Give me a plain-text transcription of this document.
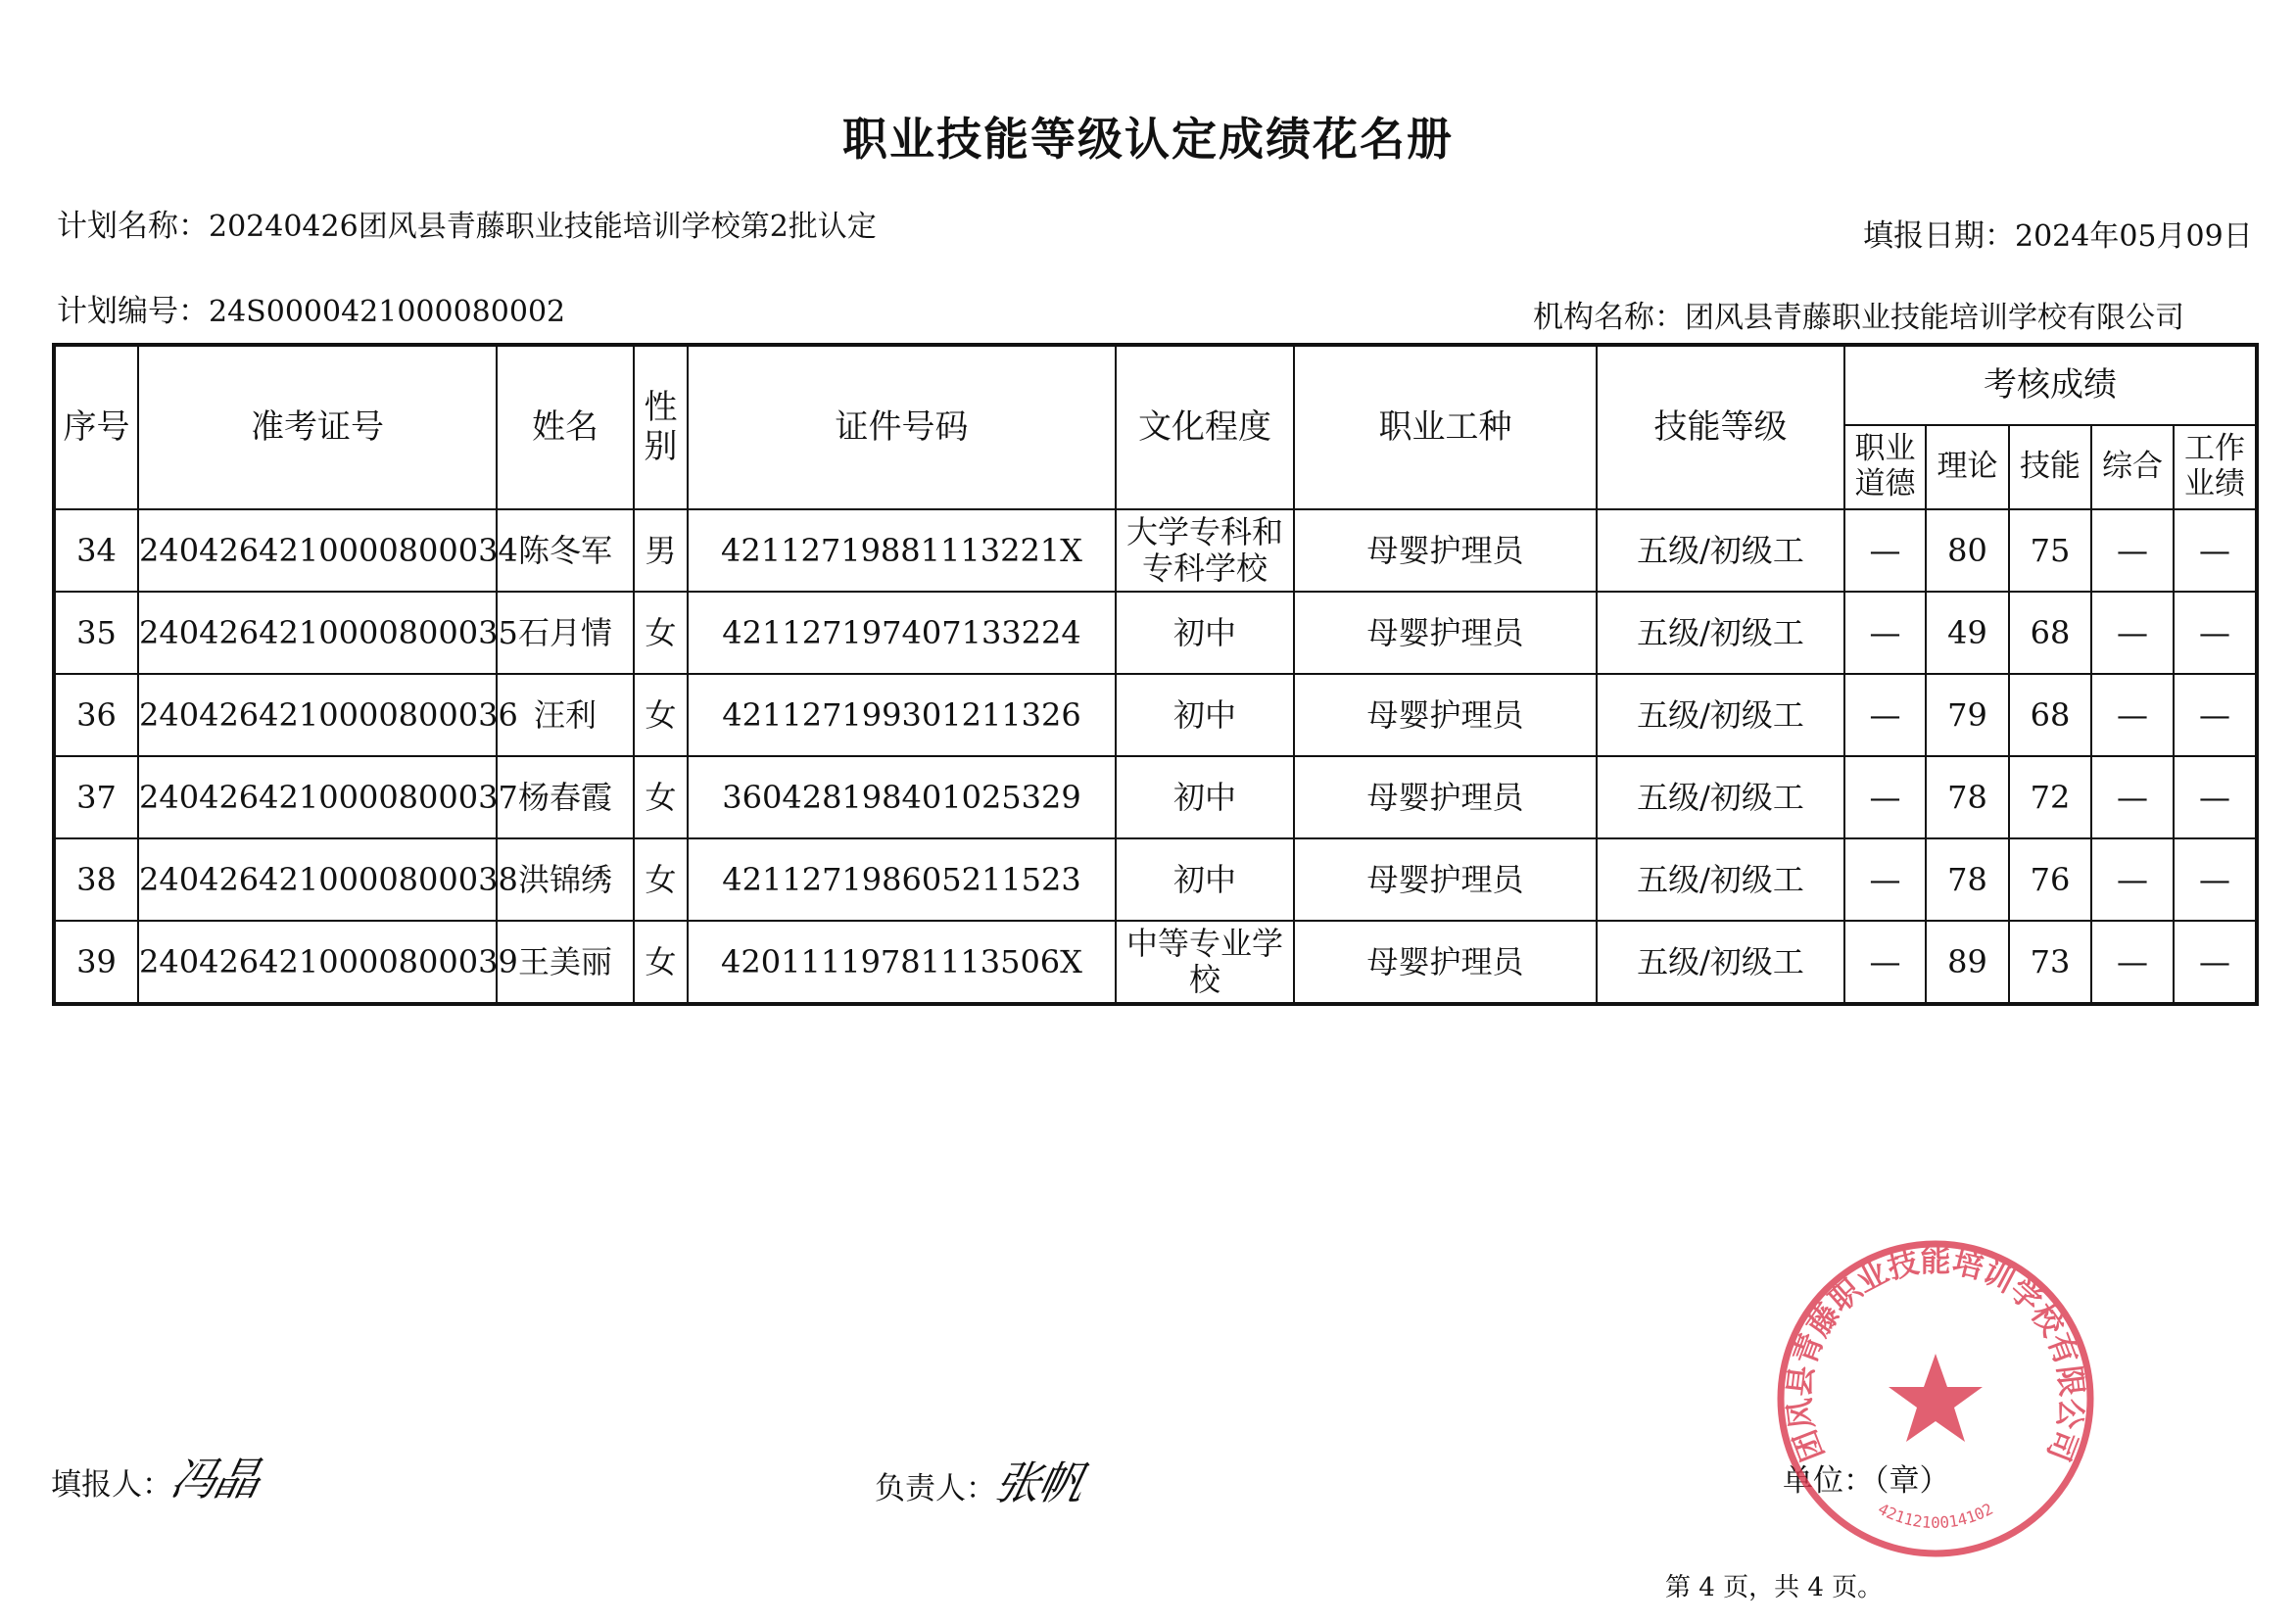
职业技能等级认定成绩花名册
计划名称：20240426团风县青藤职业技能培训学校第2批认定	填报日期：2024年05月09日
计划编号：24S0000421000080002	机构名称：团风县青藤职业技能培训学校有限公司
序号	准考证号	姓名	性别	证件号码	文化程度	职业工种	技能等级	考核成绩				
								职业道德	理论	技能	综合	工作业绩
34	2404264210000800034	陈冬军	男	42112719881113221X	大学专科和专科学校	母婴护理员	五级/初级工	—	80	75	—	—
35	2404264210000800035	石月情	女	421127197407133224	初中	母婴护理员	五级/初级工	—	49	68	—	—
36	2404264210000800036	汪利	女	421127199301211326	初中	母婴护理员	五级/初级工	—	79	68	—	—
37	2404264210000800037	杨春霞	女	360428198401025329	初中	母婴护理员	五级/初级工	—	78	72	—	—
38	2404264210000800038	洪锦绣	女	421127198605211523	初中	母婴护理员	五级/初级工	—	78	76	—	—
39	2404264210000800039	王美丽	女	42011119781113506X	中等专业学校	母婴护理员	五级/初级工	—	89	73	—	—
填报人：冯晶	负责人：张帆	单位：（章）
第 4 页，共 4 页。
团风县青藤职业技能培训学校有限公司
4211210014102
